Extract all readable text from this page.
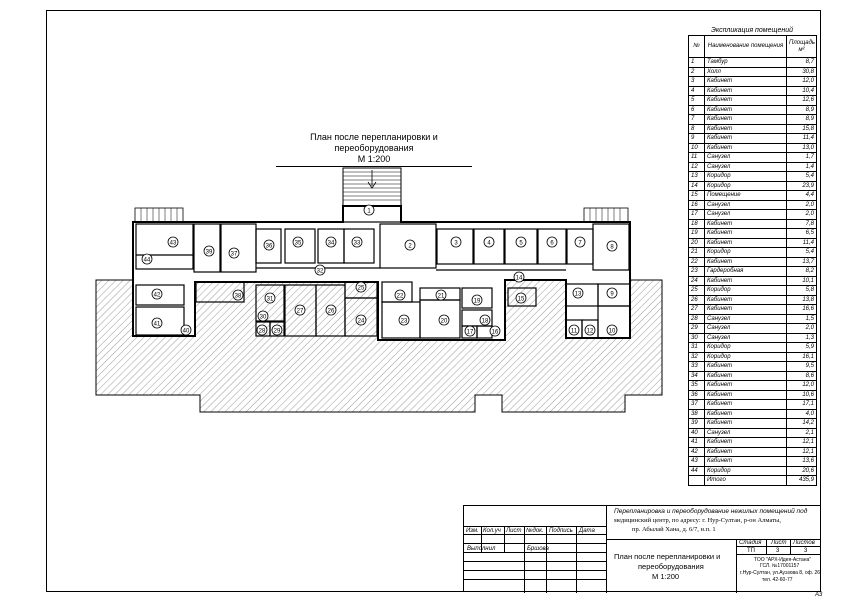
План после перепланировки и переоборудования
М 1:200
1
2	3	4	5	6	7
8
9
10
11 12
13
14
15
16
17
18
19
20
21
22
23
24
25
26
27
28 29
30
31
32
33
34
35
36
37
38
39
40
41
42
43
44
Экспликация помещений
№	Наименование помещения	Площадь м²
1	Тамбур	8,7
2	Холл	30,8
3	Кабинет	12,0
4	Кабинет	10,4
5	Кабинет	12,6
6	Кабинет	8,9
7	Кабинет	8,9
8	Кабинет	15,8
9	Кабинет	11,4
10	Кабинет	13,0
11	Санузел	1,7
12	Санузел	1,4
13	Коридор	5,4
14	Коридор	23,9
15	Помещение	4,4
16	Санузел	2,0
17	Санузел	2,0
18	Кабинет	7,8
19	Кабинет	6,5
20	Кабинет	11,4
21	Коридор	5,4
22	Кабинет	13,7
23	Гардеробная	8,2
24	Кабинет	10,1
25	Коридор	5,8
26	Кабинет	13,8
27	Кабинет	16,6
28	Санузел	1,5
29	Санузел	2,0
30	Санузел	1,3
31	Коридор	5,9
32	Коридор	16,1
33	Кабинет	9,5
34	Кабинет	8,6
35	Кабинет	12,0
36	Кабинет	10,6
37	Кабинет	17,1
38	Кабинет	4,0
39	Кабинет	14,2
40	Санузел	2,1
41	Кабинет	12,1
42	Кабинет	12,1
43	Кабинет	13,6
44	Коридор	20,6
	Итого	435,9
Перепланировка и переоборудование нежилых помещений под
медицинский центр, по адресу: г. Нур-Султан, р-он Алматы,
пр. Абылай Хана, д. 6/7, н.п. 1
Изм. Кол.уч Лист №док. Подпись Дата
Выполнил	Бршова
План после перепланировки и
переоборудования
М 1:200
Стадия Лист Листов
ТП	3	3
ТОО "АРХ-Идея-Астана"
ГСЛ. №17001157
г.Нур-Султан, ул.Ауэзова 8, оф. 26
тел. 42-60-77
А3
